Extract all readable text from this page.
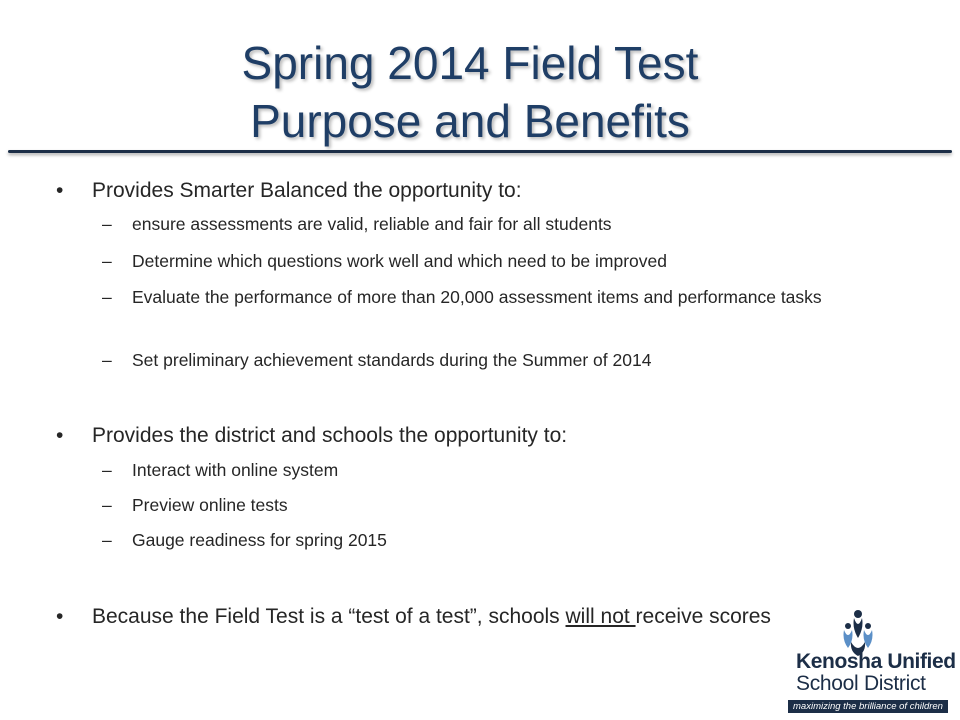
Spring 2014 Field Test
Purpose and Benefits
• Provides Smarter Balanced the opportunity to:
– ensure assessments are valid, reliable and fair for all students
– Determine which questions work well and which need to be improved
– Evaluate the performance of more than 20,000 assessment items and performance tasks
– Set preliminary achievement standards during the Summer of 2014
• Provides the district and schools the opportunity to:
– Interact with online system
– Preview online tests
– Gauge readiness for spring 2015
• Because the Field Test is a “test of a test”, schools will not receive scores
Kenosha Unified
School District
maximizing the brilliance of children
